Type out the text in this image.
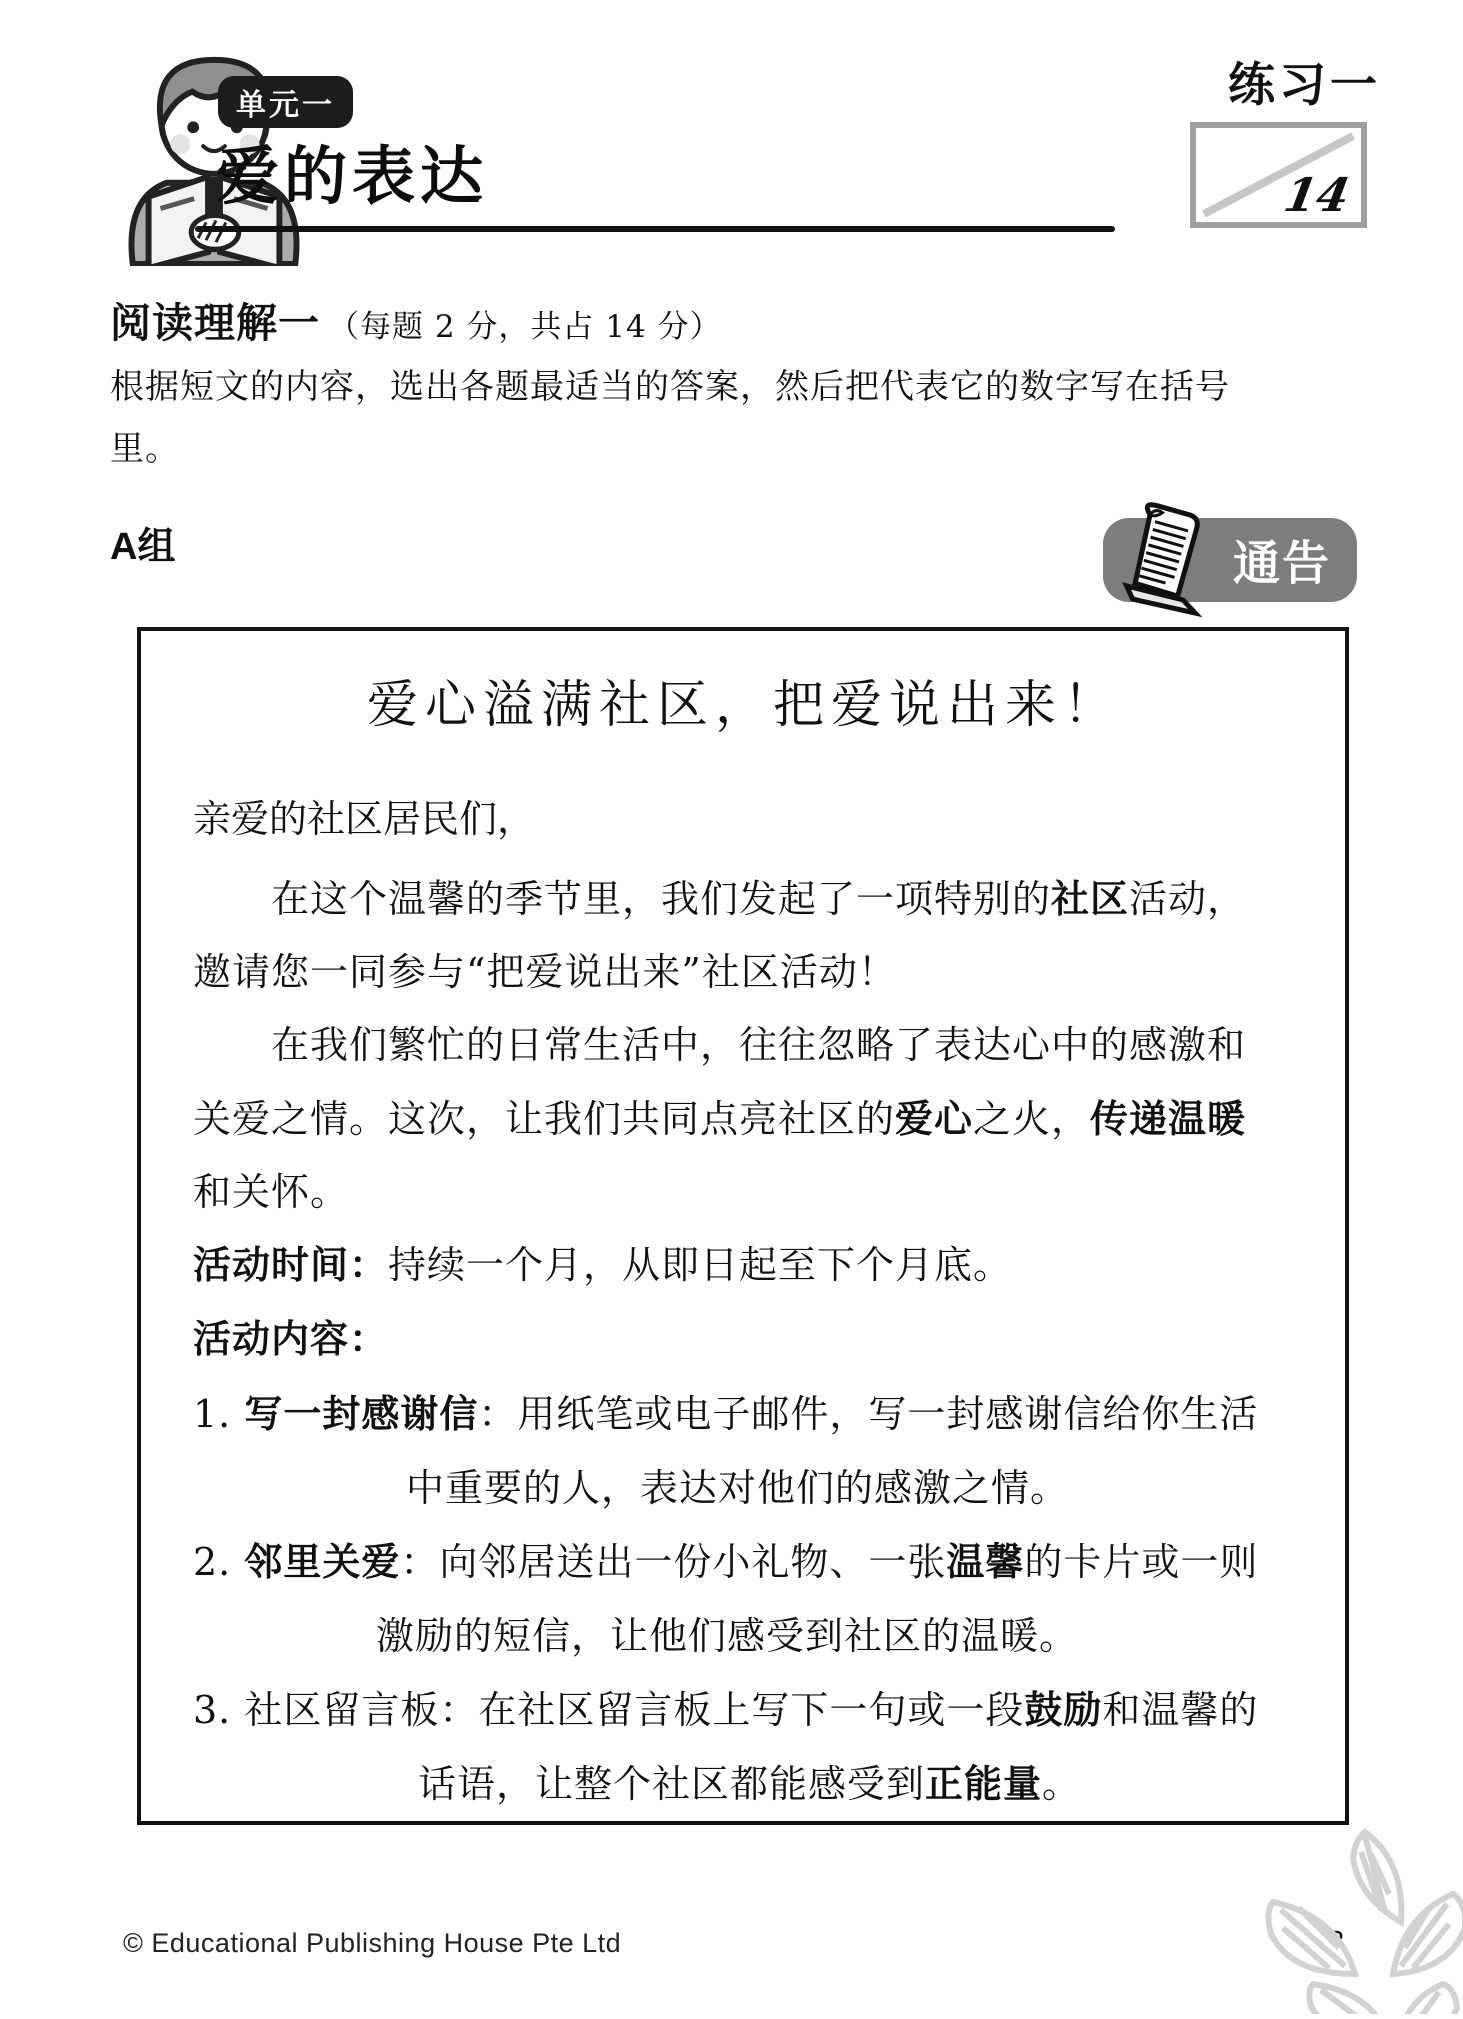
单元一
爱的表达
练习一
14
阅读理解一 （每题 2 分，共占 14 分）
根据短文的内容，选出各题最适当的答案，然后把代表它的数字写在括号
里。
A组	通告
爱心溢满社区，把爱说出来！
亲爱的社区居民们，
在这个温馨的季节里，我们发起了一项特别的社区活动，
邀请您一同参与“把爱说出来”社区活动！
在我们繁忙的日常生活中，往往忽略了表达心中的感激和
关爱之情。这次，让我们共同点亮社区的爱心之火，传递温暖
和关怀。
活动时间：持续一个月，从即日起至下个月底。
活动内容：
1. 写一封感谢信：用纸笔或电子邮件，写一封感谢信给你生活
中重要的人，表达对他们的感激之情。
2. 邻里关爱：向邻居送出一份小礼物、一张温馨的卡片或一则
激励的短信，让他们感受到社区的温暖。
3. 社区留言板：在社区留言板上写下一句或一段鼓励和温馨的
话语，让整个社区都能感受到正能量。
© Educational Publishing House Pte Ltd
